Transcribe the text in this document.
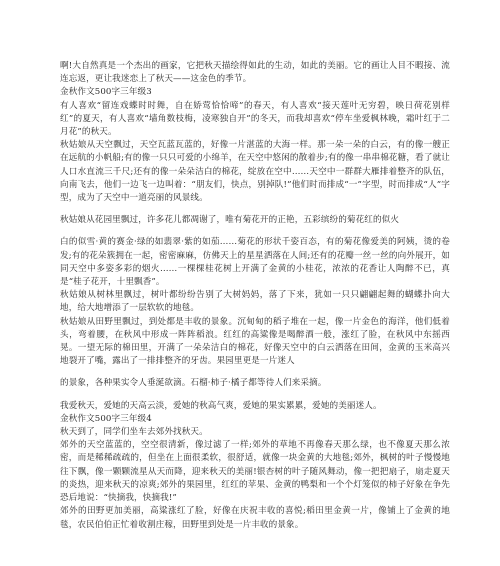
啊!大自然真是一个杰出的画家，它把秋天描绘得如此的生动，如此的美丽。它的画让人目不暇接、流连忘返，更让我迷恋上了秋天——这金色的季节。

金秋作文500字三年级3

有人喜欢“留连戏蝶时时舞，自在娇莺恰恰啼”的春天，有人喜欢“接天莲叶无穷碧，映日荷花别样红”的夏天，有人喜欢“墙角数枝梅，凌寒独自开”的冬天，而我却喜欢“停车坐爱枫林晚，霜叶红于二月花”的秋天。

秋姑娘从天空飘过，天空瓦蓝瓦蓝的，好像一片湛蓝的大海一样。那一朵一朵的白云，有的像一艘正在远航的小帆船;有的像一只只可爱的小绵羊，在天空中悠闲的散着步;有的像一串串棉花糖，看了就让人口水直流三千尺;还有的像一朵朵洁白的棉花，绽放在空中……天空中一群群大雁排着整齐的队伍，向南飞去，他们一边飞一边叫着：“朋友们，快点，别掉队!”他们时而排成“一”字型，时而排成“人”字型，成为了天空中一道亮丽的风景线。

秋姑娘从花园里飘过，许多花儿都凋谢了，唯有菊花开的正艳，五彩缤纷的菊花红的似火

白的似雪·黄的赛金·绿的如翡翠·紫的如茄……菊花的形状千姿百态，有的菊花像爱美的阿姨，烫的卷发;有的花朵簇拥在一起，密密麻麻，仿佛天上的星星洒落在人间;还有的花瓣一丝一丝的向外展开，如同天空中多姿多彩的烟火……一棵棵桂花树上开满了金黄的小桂花，浓浓的花香让人陶醉不已，真是“桂子花开，十里飘香”。

秋姑娘从树林里飘过，树叶都纷纷告别了大树妈妈，落了下来，犹如一只只翩翩起舞的蝴蝶扑向大地，给大地增添了一层软软的地毯。

秋姑娘从田野里飘过，到处都是丰收的景象。沉甸甸的稻子堆在一起，像一片金色的海洋，他们低着头，弯着腰，在秋风中形成一阵阵稻浪。红红的高粱像是喝醉酒一般，涨红了脸，在秋风中东摇西晃。一望无际的棉田里，开满了一朵朵洁白的棉花，好像天空中的白云洒落在田间，金黄的玉米高兴地裂开了嘴，露出了一排排整齐的牙齿。果园里更是一片迷人

的景象，各种果实令人垂涎欲滴。石榴·柿子·橘子都等待人们来采摘。

我爱秋天，爱她的天高云淡，爱她的秋高气爽，爱她的果实累累，爱她的美丽迷人。

金秋作文500字三年级4

秋天到了，同学们坐车去郊外找秋天。

郊外的天空蓝蓝的，空空很清新，像过滤了一样;郊外的草地不再像春天那么绿，也不像夏天那么浓密，而是稀稀疏疏的，但坐在上面很柔软，很舒适，就像一块金黄的大地毯;郊外，枫树的叶子慢慢地往下飘，像一颗颗流星从天而降，迎来秋天的美丽!银杏树的叶子随风舞动，像一把把扇子，扇走夏天的炎热，迎来秋天的凉爽;郊外的果园里，红红的苹果、金黄的鸭梨和一个个灯笼似的柿子好象在争先恐后地说：“快摘我，快摘我!”

郊外的田野更加美丽，高粱涨红了脸，好像在庆祝丰收的喜悦;稻田里金黄一片，像铺上了金黄的地毯，农民伯伯正忙着收割庄稼，田野里到处是一片丰收的景象。
